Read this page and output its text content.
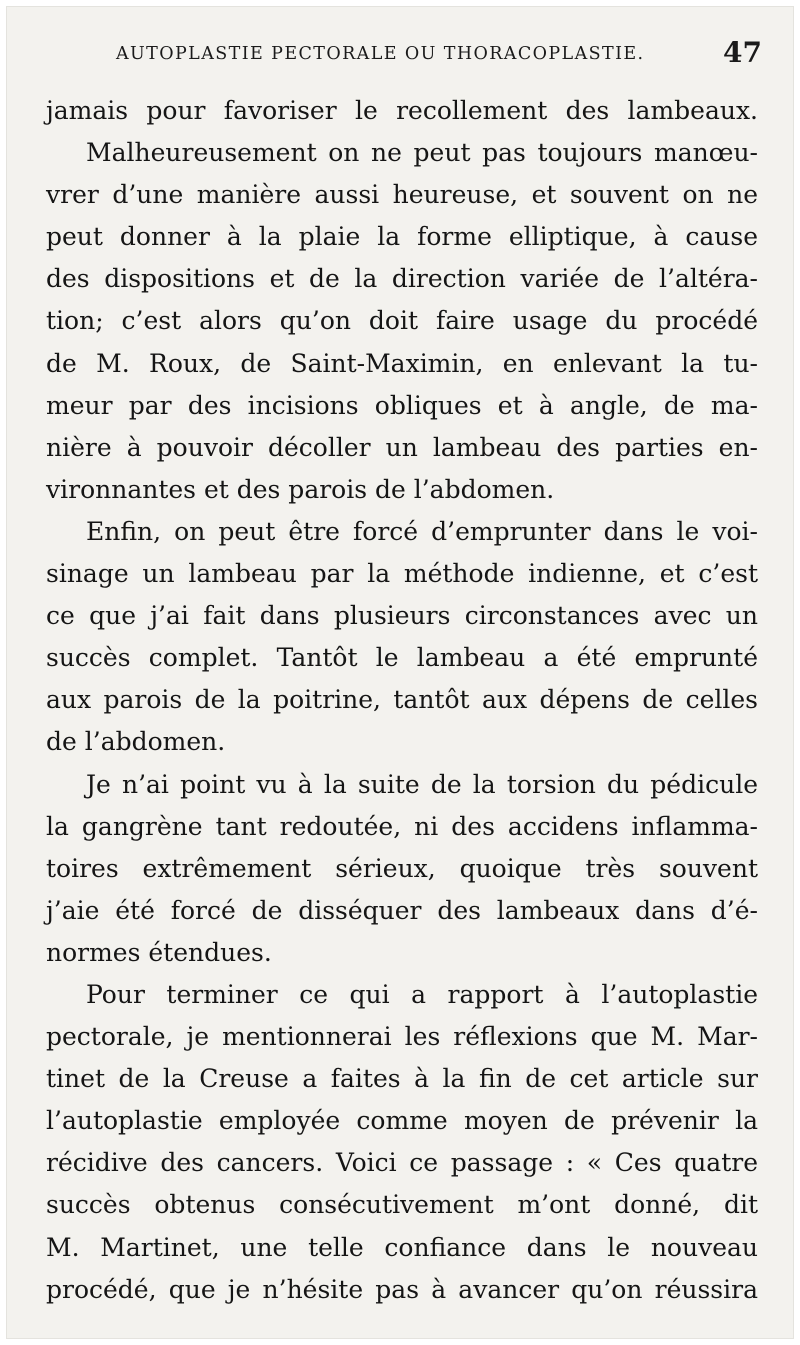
AUTOPLASTIE PECTORALE OU THORACOPLASTIE.	47
jamais pour favoriser le recollement des lambeaux.
Malheureusement on ne peut pas toujours manœu-
vrer d’une manière aussi heureuse, et souvent on ne
peut donner à la plaie la forme elliptique, à cause
des dispositions et de la direction variée de l’altéra-
tion; c’est alors qu’on doit faire usage du procédé
de M. Roux, de Saint-Maximin, en enlevant la tu-
meur par des incisions obliques et à angle, de ma-
nière à pouvoir décoller un lambeau des parties en-
vironnantes et des parois de l’abdomen.
Enfin, on peut être forcé d’emprunter dans le voi-
sinage un lambeau par la méthode indienne, et c’est
ce que j’ai fait dans plusieurs circonstances avec un
succès complet. Tantôt le lambeau a été emprunté
aux parois de la poitrine, tantôt aux dépens de celles
de l’abdomen.
Je n’ai point vu à la suite de la torsion du pédicule
la gangrène tant redoutée, ni des accidens inflamma-
toires extrêmement sérieux, quoique très souvent
j’aie été forcé de disséquer des lambeaux dans d’é-
normes étendues.
Pour terminer ce qui a rapport à l’autoplastie
pectorale, je mentionnerai les réflexions que M. Mar-
tinet de la Creuse a faites à la fin de cet article sur
l’autoplastie employée comme moyen de prévenir la
récidive des cancers. Voici ce passage : « Ces quatre
succès obtenus consécutivement m’ont donné, dit
M. Martinet, une telle confiance dans le nouveau
procédé, que je n’hésite pas à avancer qu’on réussira
